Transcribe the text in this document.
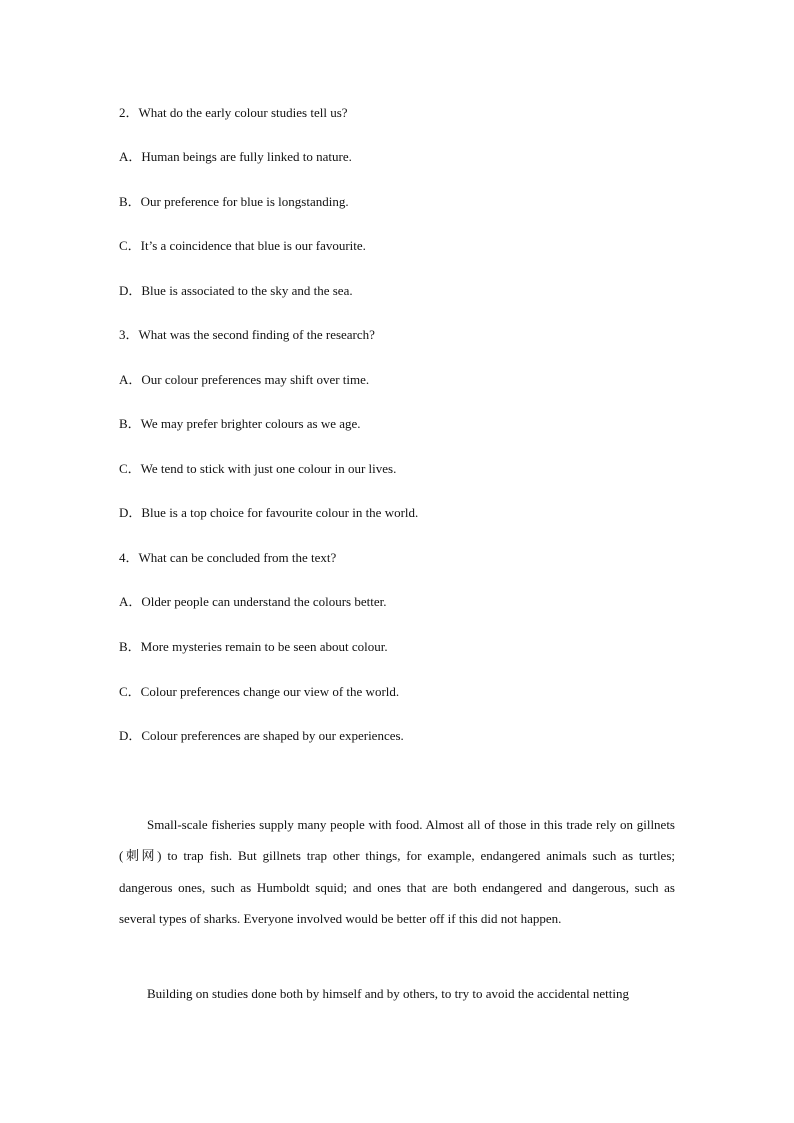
2．What do the early colour studies tell us?
A．Human beings are fully linked to nature.
B．Our preference for blue is longstanding.
C．It’s a coincidence that blue is our favourite.
D．Blue is associated to the sky and the sea.
3．What was the second finding of the research?
A．Our colour preferences may shift over time.
B．We may prefer brighter colours as we age.
C．We tend to stick with just one colour in our lives.
D．Blue is a top choice for favourite colour in the world.
4．What can be concluded from the text?
A．Older people can understand the colours better.
B．More mysteries remain to be seen about colour.
C．Colour preferences change our view of the world.
D．Colour preferences are shaped by our experiences.

Small-scale fisheries supply many people with food. Almost all of those in this trade rely on gillnets (刺网) to trap fish. But gillnets trap other things, for example, endangered animals such as turtles; dangerous ones, such as Humboldt squid; and ones that are both endangered and dangerous, such as several types of sharks. Everyone involved would be better off if this did not happen.

Building on studies done both by himself and by others, to try to avoid the accidental netting
